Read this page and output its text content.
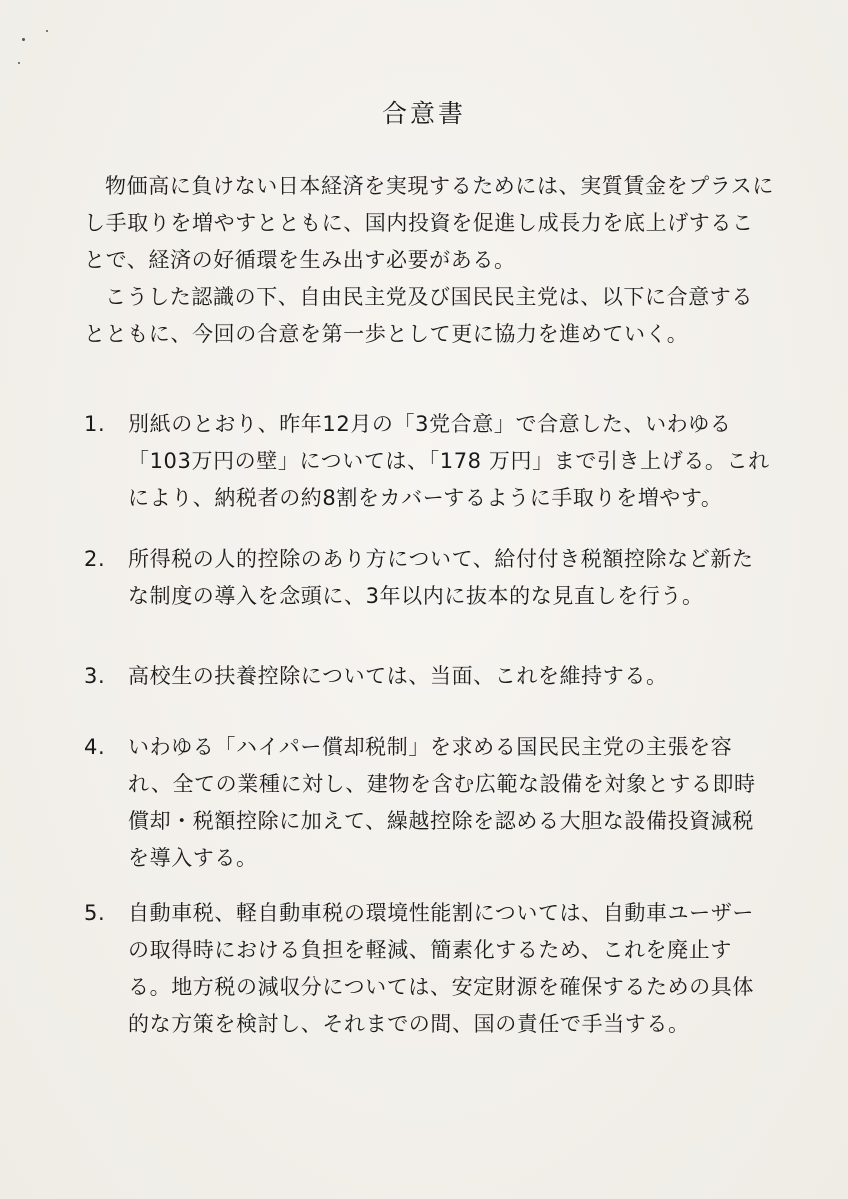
合意書

物価高に負けない日本経済を実現するためには、実質賃金をプラスにし手取りを増やすとともに、国内投資を促進し成長力を底上げすることで、経済の好循環を生み出す必要がある。

こうした認識の下、自由民主党及び国民民主党は、以下に合意するとともに、今回の合意を第一歩として更に協力を進めていく。

1.	別紙のとおり、昨年12月の「3党合意」で合意した、いわゆる「103万円の壁」については、「178 万円」まで引き上げる。これにより、納税者の約8割をカバーするように手取りを増やす。
2.	所得税の人的控除のあり方について、給付付き税額控除など新たな制度の導入を念頭に、3年以内に抜本的な見直しを行う。
3.	高校生の扶養控除については、当面、これを維持する。
4.	いわゆる「ハイパー償却税制」を求める国民民主党の主張を容れ、全ての業種に対し、建物を含む広範な設備を対象とする即時償却・税額控除に加えて、繰越控除を認める大胆な設備投資減税を導入する。
5.	自動車税、軽自動車税の環境性能割については、自動車ユーザーの取得時における負担を軽減、簡素化するため、これを廃止する。地方税の減収分については、安定財源を確保するための具体的な方策を検討し、それまでの間、国の責任で手当する。
